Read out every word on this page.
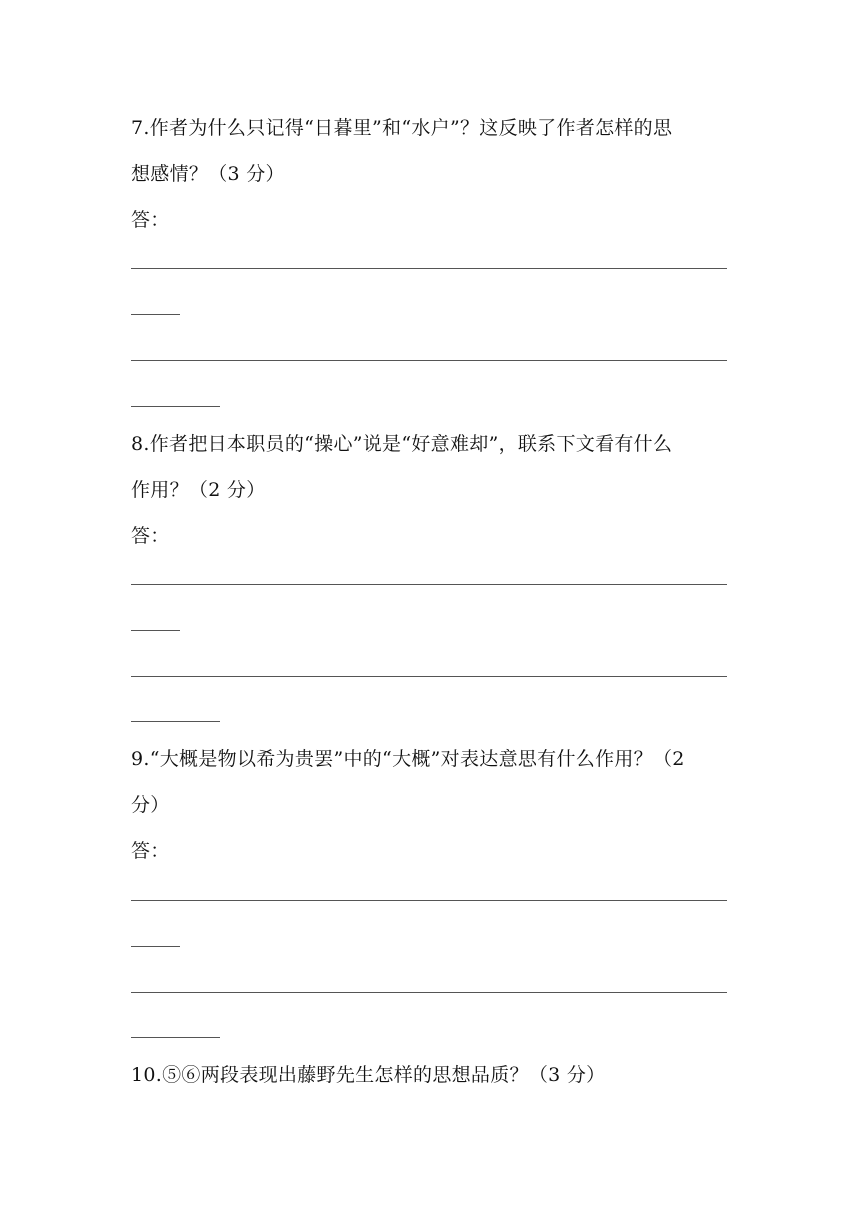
7.作者为什么只记得“日暮里”和“水户”？这反映了作者怎样的思
想感情？（3 分）
答：
8.作者把日本职员的“操心”说是“好意难却”，联系下文看有什么
作用？（2 分）
答：
9.“大概是物以希为贵罢”中的“大概”对表达意思有什么作用？（2
分）
答：
10.⑤⑥两段表现出藤野先生怎样的思想品质？（3 分）
